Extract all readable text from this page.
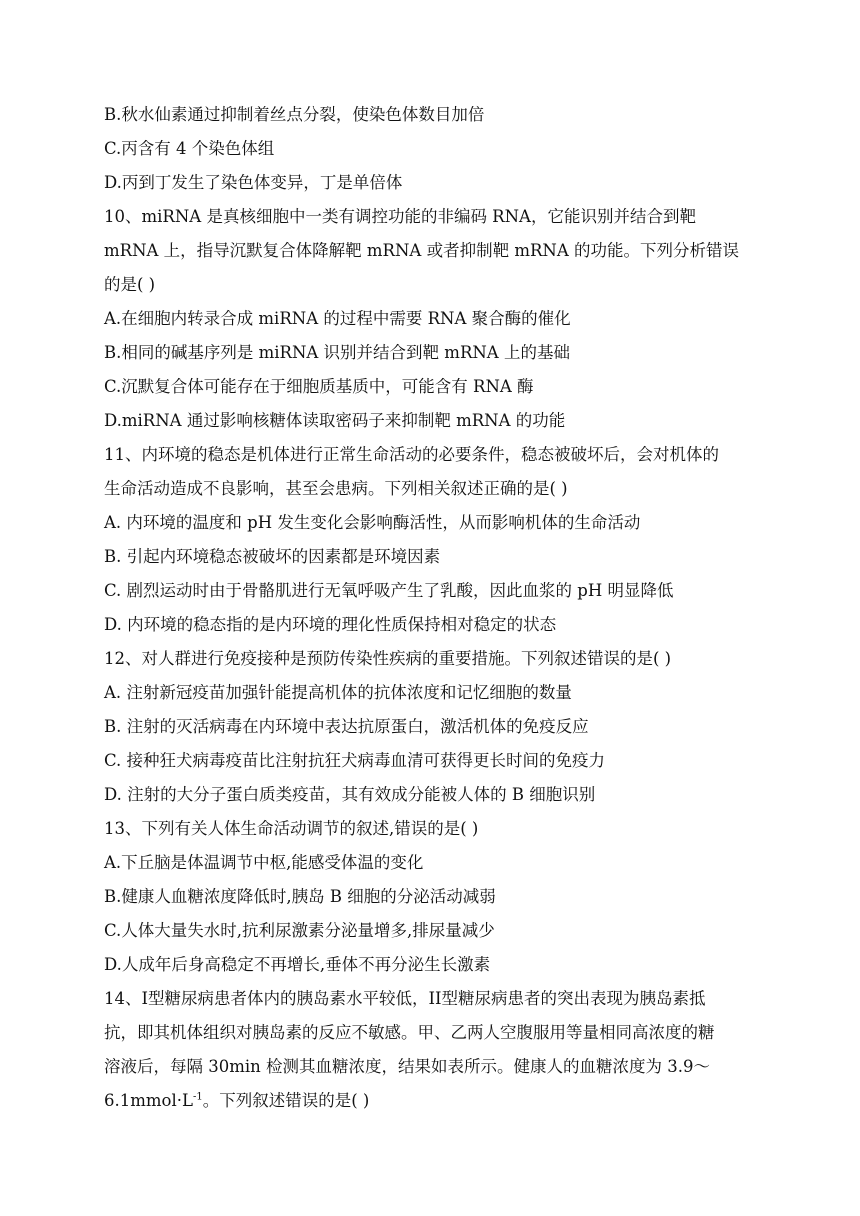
B.秋水仙素通过抑制着丝点分裂，使染色体数目加倍
C.丙含有 4 个染色体组
D.丙到丁发生了染色体变异，丁是单倍体
10、miRNA 是真核细胞中一类有调控功能的非编码 RNA，它能识别并结合到靶
mRNA 上，指导沉默复合体降解靶 mRNA 或者抑制靶 mRNA 的功能。下列分析错误
的是( )
A.在细胞内转录合成 miRNA 的过程中需要 RNA 聚合酶的催化
B.相同的碱基序列是 miRNA 识别并结合到靶 mRNA 上的基础
C.沉默复合体可能存在于细胞质基质中，可能含有 RNA 酶
D.miRNA 通过影响核糖体读取密码子来抑制靶 mRNA 的功能
11、内环境的稳态是机体进行正常生命活动的必要条件，稳态被破坏后，会对机体的
生命活动造成不良影响，甚至会患病。下列相关叙述正确的是( )
A. 内环境的温度和 pH 发生变化会影响酶活性，从而影响机体的生命活动
B. 引起内环境稳态被破坏的因素都是环境因素
C. 剧烈运动时由于骨骼肌进行无氧呼吸产生了乳酸，因此血浆的 pH 明显降低
D. 内环境的稳态指的是内环境的理化性质保持相对稳定的状态
12、对人群进行免疫接种是预防传染性疾病的重要措施。下列叙述错误的是( )
A. 注射新冠疫苗加强针能提高机体的抗体浓度和记忆细胞的数量
B. 注射的灭活病毒在内环境中表达抗原蛋白，激活机体的免疫反应
C. 接种狂犬病毒疫苗比注射抗狂犬病毒血清可获得更长时间的免疫力
D. 注射的大分子蛋白质类疫苗，其有效成分能被人体的 B 细胞识别
13、下列有关人体生命活动调节的叙述,错误的是( )
A.下丘脑是体温调节中枢,能感受体温的变化
B.健康人血糖浓度降低时,胰岛 B 细胞的分泌活动减弱
C.人体大量失水时,抗利尿激素分泌量增多,排尿量减少
D.人成年后身高稳定不再增长,垂体不再分泌生长激素
14、I型糖尿病患者体内的胰岛素水平较低，II型糖尿病患者的突出表现为胰岛素抵
抗，即其机体组织对胰岛素的反应不敏感。甲、乙两人空腹服用等量相同高浓度的糖
溶液后，每隔 30min 检测其血糖浓度，结果如表所示。健康人的血糖浓度为 3.9～
$6.1mmol\cdot L^{-1}$。下列叙述错误的是( )
